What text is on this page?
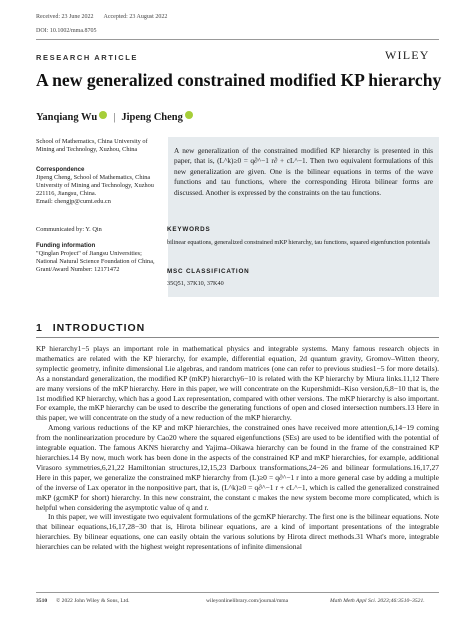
Received: 23 June 2022 Accepted: 23 August 2022
DOI: 10.1002/mma.8705
RESEARCH ARTICLE	WILEY
A new generalized constrained modified KP hierarchy
Yanqiang Wu | Jipeng Cheng
School of Mathematics, China University of Mining and Technology, Xuzhou, China
Correspondence
Jipeng Cheng, School of Mathematics, China University of Mining and Technology, Xuzhou 221116, Jiangsu, China.
Email: chengjp@cumt.edu.cn
Communicated by: Y. Qin
Funding information
"Qinglan Project" of Jiangsu Universities; National Natural Science Foundation of China, Grant/Award Number: 12171472
A new generalization of the constrained modified KP hierarchy is presented in this paper, that is, (L^k)≥0 = q∂^−1 r∂ + cL^−1. Then two equivalent formulations of this new generalization are given. One is the bilinear equations in terms of the wave functions and tau functions, where the corresponding Hirota bilinear forms are discussed. Another is expressed by the constraints on the tau functions.
KEYWORDS
bilinear equations, generalized constrained mKP hierarchy, tau functions, squared eigenfunction potentials
MSC CLASSIFICATION
35Q51, 37K10, 37K40
1 INTRODUCTION

KP hierarchy1−5 plays an important role in mathematical physics and integrable systems. Many famous research objects in mathematics are related with the KP hierarchy, for example, differential equation, 2d quantum gravity, Gromov–Witten theory, symplectic geometry, infinite dimensional Lie algebras, and random matrices (one can refer to previous studies1−5 for more details). As a nonstandard generalization, the modified KP (mKP) hierarchy6−10 is related with the KP hierarchy by Miura links.11,12 There are many versions of the mKP hierarchy. Here in this paper, we will concentrate on the Kupershmidt–Kiso version,6,8−10 that is, the 1st modified KP hierarchy, which has a good Lax representation, compared with other versions. The mKP hierarchy is also important. For example, the mKP hierarchy can be used to describe the generating functions of open and closed intersection numbers.13 Here in this paper, we will concentrate on the study of a new reduction of the mKP hierarchy.

Among various reductions of the KP and mKP hierarchies, the constrained ones have received more attention,6,14−19 coming from the nonlinearization procedure by Cao20 where the squared eigenfunctions (SEs) are used to be identified with the potential of integrable equation. The famous AKNS hierarchy and Yajima–Oikawa hierarchy can be found in the frame of the constrained KP hierarchies.14 By now, much work has been done in the aspects of the constrained KP and mKP hierarchies, for example, additional Virasoro symmetries,6,21,22 Hamiltonian structures,12,15,23 Darboux transformations,24−26 and bilinear formulations.16,17,27 Here in this paper, we generalize the constrained mKP hierarchy from (L)≥0 = q∂^−1 r into a more general case by adding a multiple of the inverse of Lax operator in the nonpositive part, that is, (L^k)≥0 = q∂^−1 r + cL^−1, which is called the generalized constrained mKP (gcmKP for short) hierarchy. In this new constraint, the constant c makes the new system become more complicated, which is helpful when considering the asymptotic value of q and r.

In this paper, we will investigate two equivalent formulations of the gcmKP hierarchy. The first one is the bilinear equations. Note that bilinear equations,16,17,28−30 that is, Hirota bilinear equations, are a kind of important presentations of the integrable hierarchies. By bilinear equations, one can easily obtain the various solutions by Hirota direct methods.31 What's more, integrable hierarchies can be related with the highest weight representations of infinite dimensional

3510 © 2022 John Wiley & Sons, Ltd.	wileyonlinelibrary.com/journal/mma	Math Meth Appl Sci. 2023;46:3510–3521.
